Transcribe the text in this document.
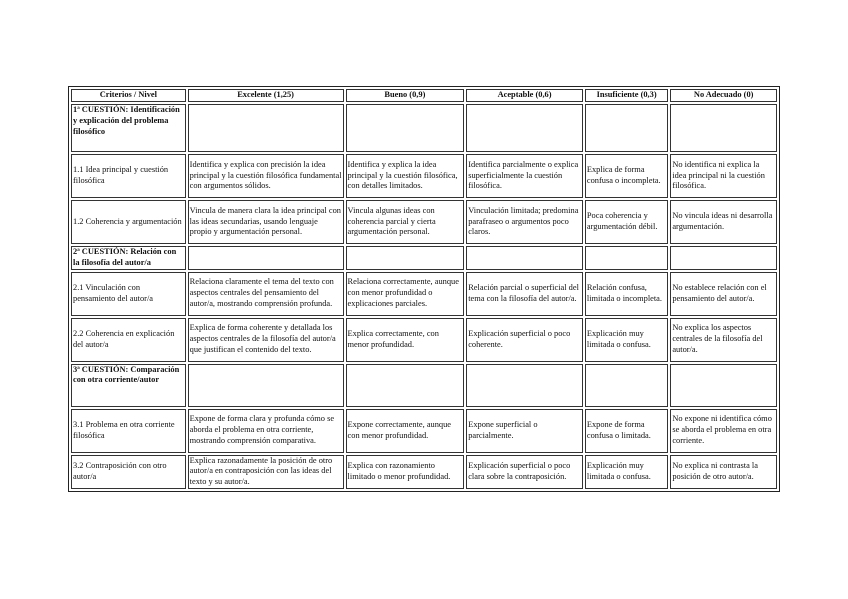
Criterios / Nivel	Excelente (1,25)	Bueno (0,9)	Aceptable (0,6)	Insuficiente (0,3)	No Adecuado (0)
1ª CUESTIÓN: Identificación y explicación del problema filosófico					
1.1 Idea principal y cuestión filosófica	Identifica y explica con precisión la idea principal y la cuestión filosófica fundamental con argumentos sólidos.	Identifica y explica la idea principal y la cuestión filosófica, con detalles limitados.	Identifica parcialmente o explica superficialmente la cuestión filosófica.	Explica de forma confusa o incompleta.	No identifica ni explica la idea principal ni la cuestión filosófica.
1.2 Coherencia y argumentación	Vincula de manera clara la idea principal con las ideas secundarias, usando lenguaje propio y argumentación personal.	Vincula algunas ideas con coherencia parcial y cierta argumentación personal.	Vinculación limitada; predomina parafraseo o argumentos poco claros.	Poca coherencia y argumentación débil.	No vincula ideas ni desarrolla argumentación.
2ª CUESTIÓN: Relación con la filosofía del autor/a					
2.1 Vinculación con pensamiento del autor/a	Relaciona claramente el tema del texto con aspectos centrales del pensamiento del autor/a, mostrando comprensión profunda.	Relaciona correctamente, aunque con menor profundidad o explicaciones parciales.	Relación parcial o superficial del tema con la filosofía del autor/a.	Relación confusa, limitada o incompleta.	No establece relación con el pensamiento del autor/a.
2.2 Coherencia en explicación del autor/a	Explica de forma coherente y detallada los aspectos centrales de la filosofía del autor/a que justifican el contenido del texto.	Explica correctamente, con menor profundidad.	Explicación superficial o poco coherente.	Explicación muy limitada o confusa.	No explica los aspectos centrales de la filosofía del autor/a.
3ª CUESTIÓN: Comparación con otra corriente/autor					
3.1 Problema en otra corriente filosófica	Expone de forma clara y profunda cómo se aborda el problema en otra corriente, mostrando comprensión comparativa.	Expone correctamente, aunque con menor profundidad.	Expone superficial o parcialmente.	Expone de forma confusa o limitada.	No expone ni identifica cómo se aborda el problema en otra corriente.
3.2 Contraposición con otro autor/a	Explica razonadamente la posición de otro autor/a en contraposición con las ideas del texto y su autor/a.	Explica con razonamiento limitado o menor profundidad.	Explicación superficial o poco clara sobre la contraposición.	Explicación muy limitada o confusa.	No explica ni contrasta la posición de otro autor/a.
